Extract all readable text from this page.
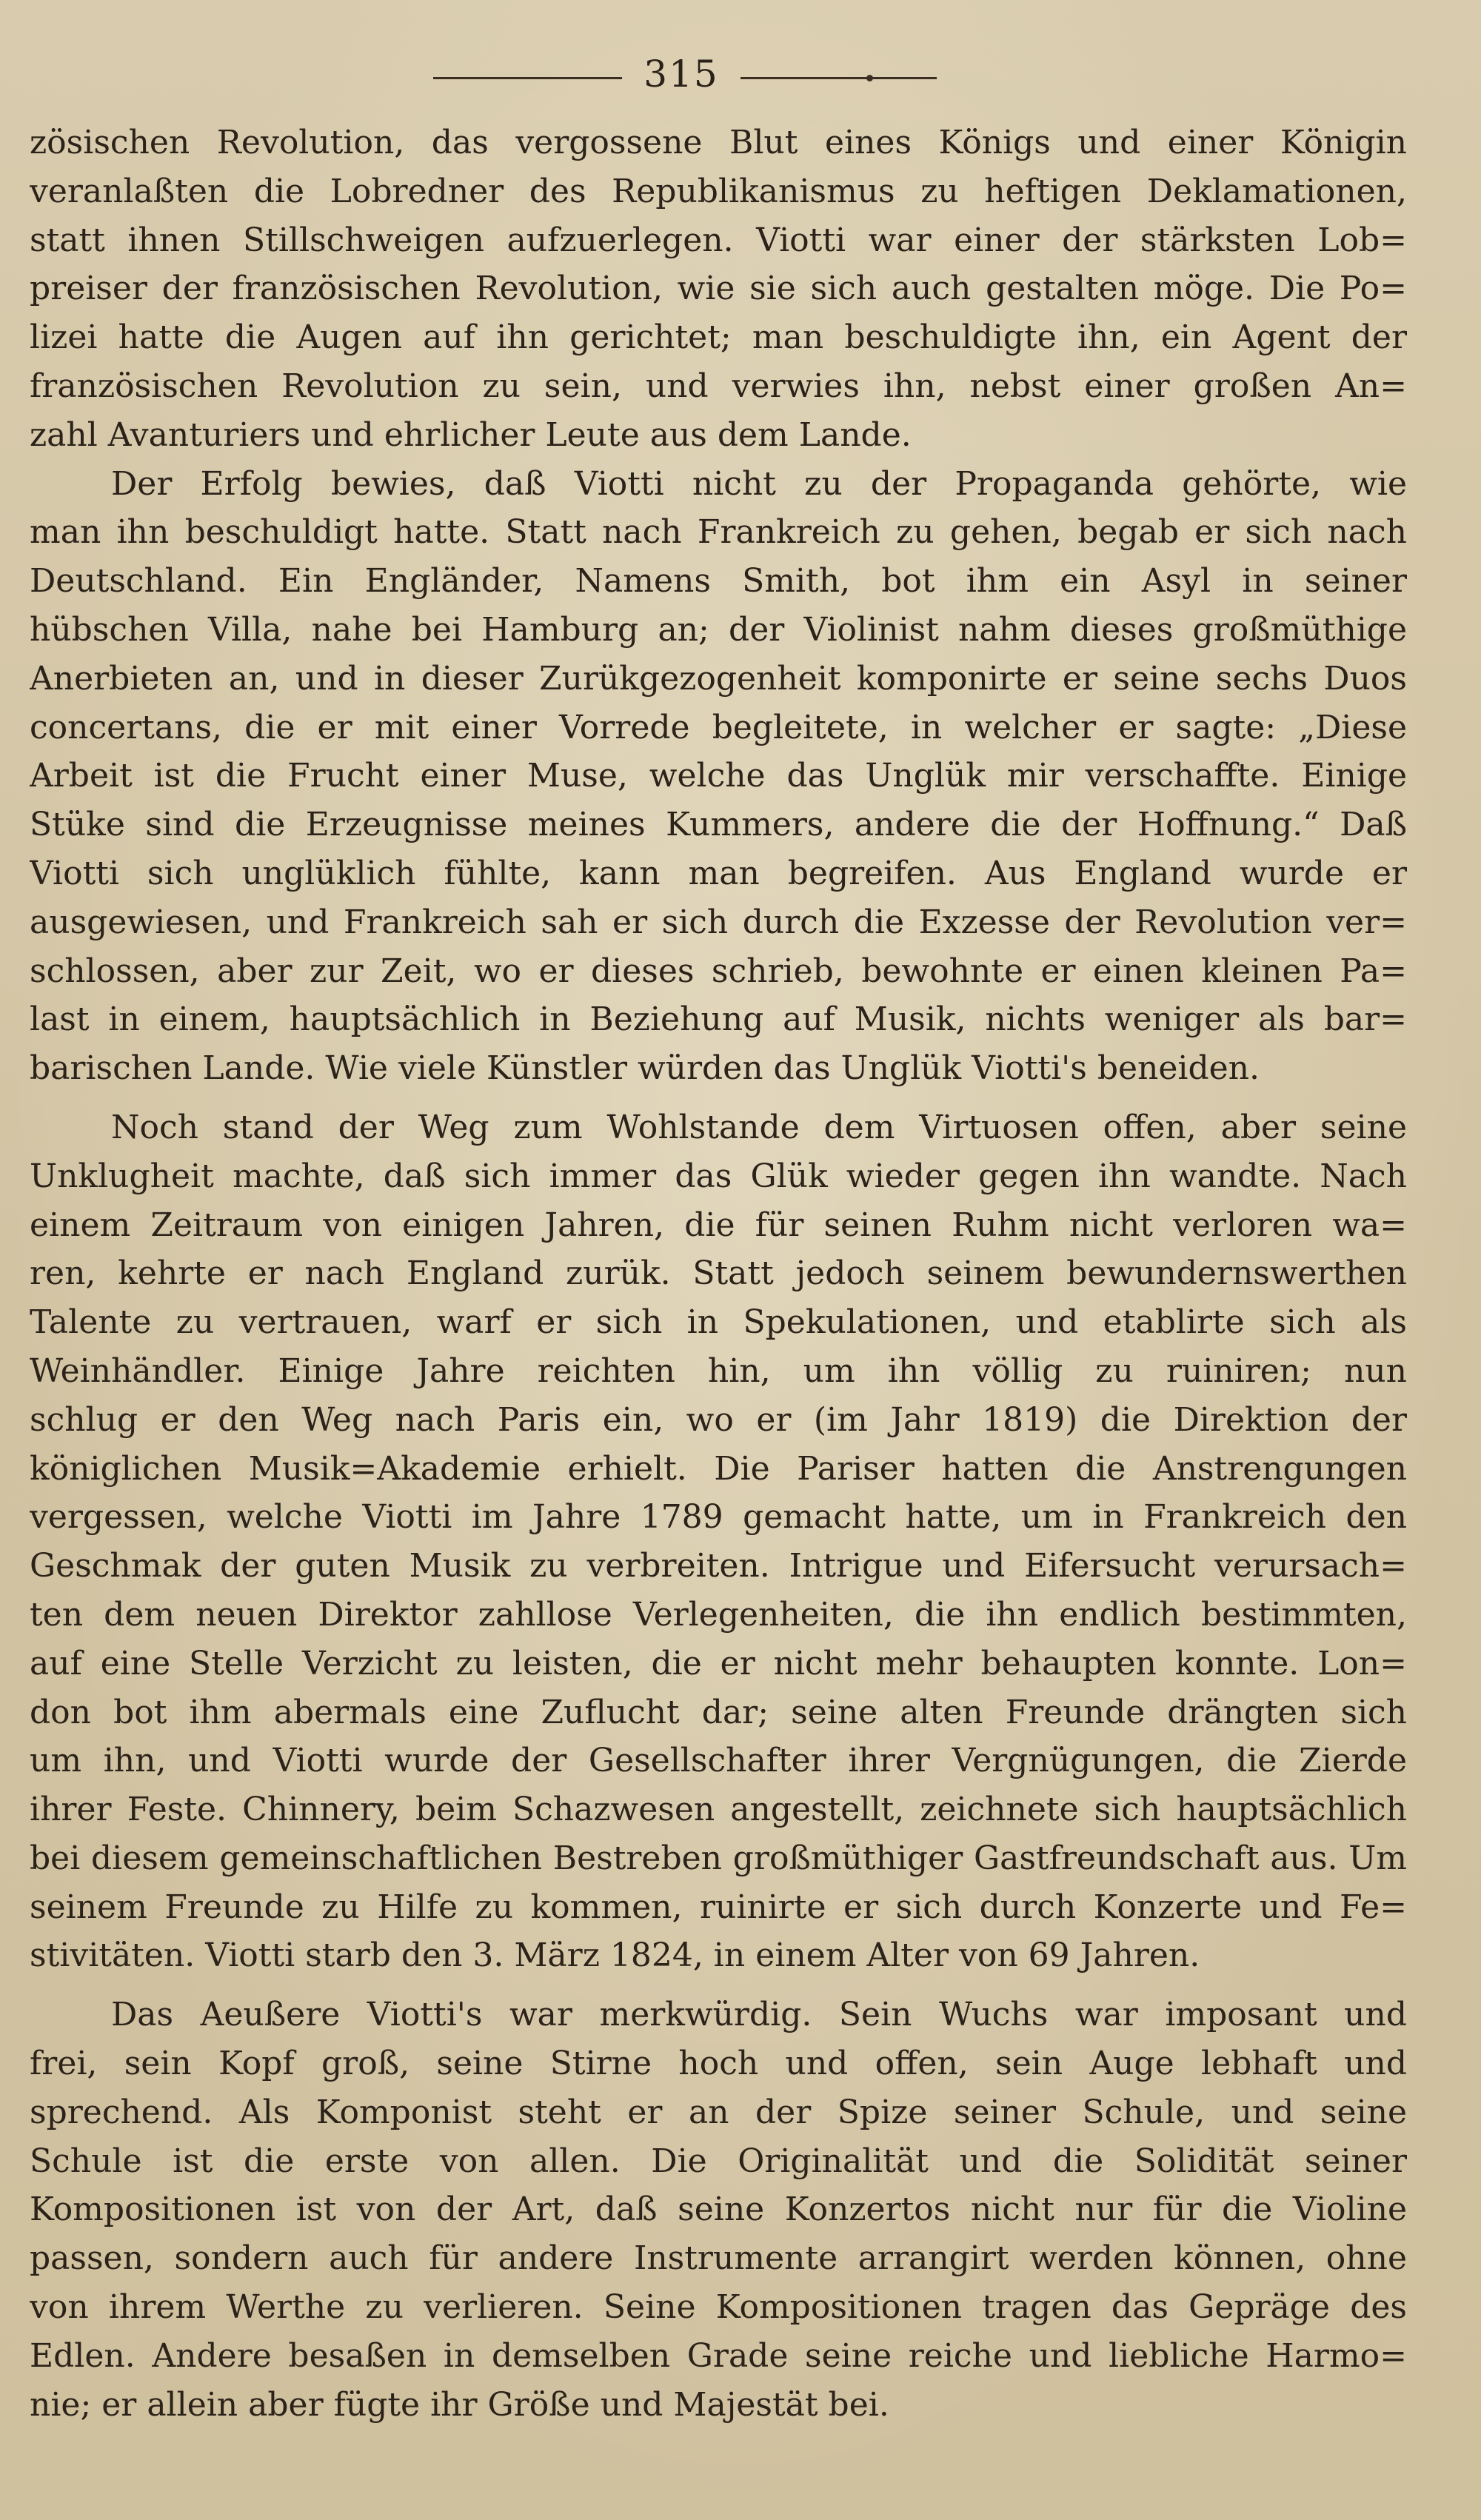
315
zösischen Revolution, das vergossene Blut eines Königs und einer Königin
veranlaßten die Lobredner des Republikanismus zu heftigen Deklamationen,
statt ihnen Stillschweigen aufzuerlegen. Viotti war einer der stärksten Lob=
preiser der französischen Revolution, wie sie sich auch gestalten möge. Die Po=
lizei hatte die Augen auf ihn gerichtet; man beschuldigte ihn, ein Agent der
französischen Revolution zu sein, und verwies ihn, nebst einer großen An=
zahl Avanturiers und ehrlicher Leute aus dem Lande.
Der Erfolg bewies, daß Viotti nicht zu der Propaganda gehörte, wie
man ihn beschuldigt hatte. Statt nach Frankreich zu gehen, begab er sich nach
Deutschland. Ein Engländer, Namens Smith, bot ihm ein Asyl in seiner
hübschen Villa, nahe bei Hamburg an; der Violinist nahm dieses großmüthige
Anerbieten an, und in dieser Zurükgezogenheit komponirte er seine sechs Duos
concertans, die er mit einer Vorrede begleitete, in welcher er sagte: „Diese
Arbeit ist die Frucht einer Muse, welche das Unglük mir verschaffte. Einige
Stüke sind die Erzeugnisse meines Kummers, andere die der Hoffnung.“ Daß
Viotti sich unglüklich fühlte, kann man begreifen. Aus England wurde er
ausgewiesen, und Frankreich sah er sich durch die Exzesse der Revolution ver=
schlossen, aber zur Zeit, wo er dieses schrieb, bewohnte er einen kleinen Pa=
last in einem, hauptsächlich in Beziehung auf Musik, nichts weniger als bar=
barischen Lande. Wie viele Künstler würden das Unglük Viotti's beneiden.
Noch stand der Weg zum Wohlstande dem Virtuosen offen, aber seine
Unklugheit machte, daß sich immer das Glük wieder gegen ihn wandte. Nach
einem Zeitraum von einigen Jahren, die für seinen Ruhm nicht verloren wa=
ren, kehrte er nach England zurük. Statt jedoch seinem bewundernswerthen
Talente zu vertrauen, warf er sich in Spekulationen, und etablirte sich als
Weinhändler. Einige Jahre reichten hin, um ihn völlig zu ruiniren; nun
schlug er den Weg nach Paris ein, wo er (im Jahr 1819) die Direktion der
königlichen Musik=Akademie erhielt. Die Pariser hatten die Anstrengungen
vergessen, welche Viotti im Jahre 1789 gemacht hatte, um in Frankreich den
Geschmak der guten Musik zu verbreiten. Intrigue und Eifersucht verursach=
ten dem neuen Direktor zahllose Verlegenheiten, die ihn endlich bestimmten,
auf eine Stelle Verzicht zu leisten, die er nicht mehr behaupten konnte. Lon=
don bot ihm abermals eine Zuflucht dar; seine alten Freunde drängten sich
um ihn, und Viotti wurde der Gesellschafter ihrer Vergnügungen, die Zierde
ihrer Feste. Chinnery, beim Schazwesen angestellt, zeichnete sich hauptsächlich
bei diesem gemeinschaftlichen Bestreben großmüthiger Gastfreundschaft aus. Um
seinem Freunde zu Hilfe zu kommen, ruinirte er sich durch Konzerte und Fe=
stivitäten. Viotti starb den 3. März 1824, in einem Alter von 69 Jahren.
Das Aeußere Viotti's war merkwürdig. Sein Wuchs war imposant und
frei, sein Kopf groß, seine Stirne hoch und offen, sein Auge lebhaft und
sprechend. Als Komponist steht er an der Spize seiner Schule, und seine
Schule ist die erste von allen. Die Originalität und die Solidität seiner
Kompositionen ist von der Art, daß seine Konzertos nicht nur für die Violine
passen, sondern auch für andere Instrumente arrangirt werden können, ohne
von ihrem Werthe zu verlieren. Seine Kompositionen tragen das Gepräge des
Edlen. Andere besaßen in demselben Grade seine reiche und liebliche Harmo=
nie; er allein aber fügte ihr Größe und Majestät bei.
